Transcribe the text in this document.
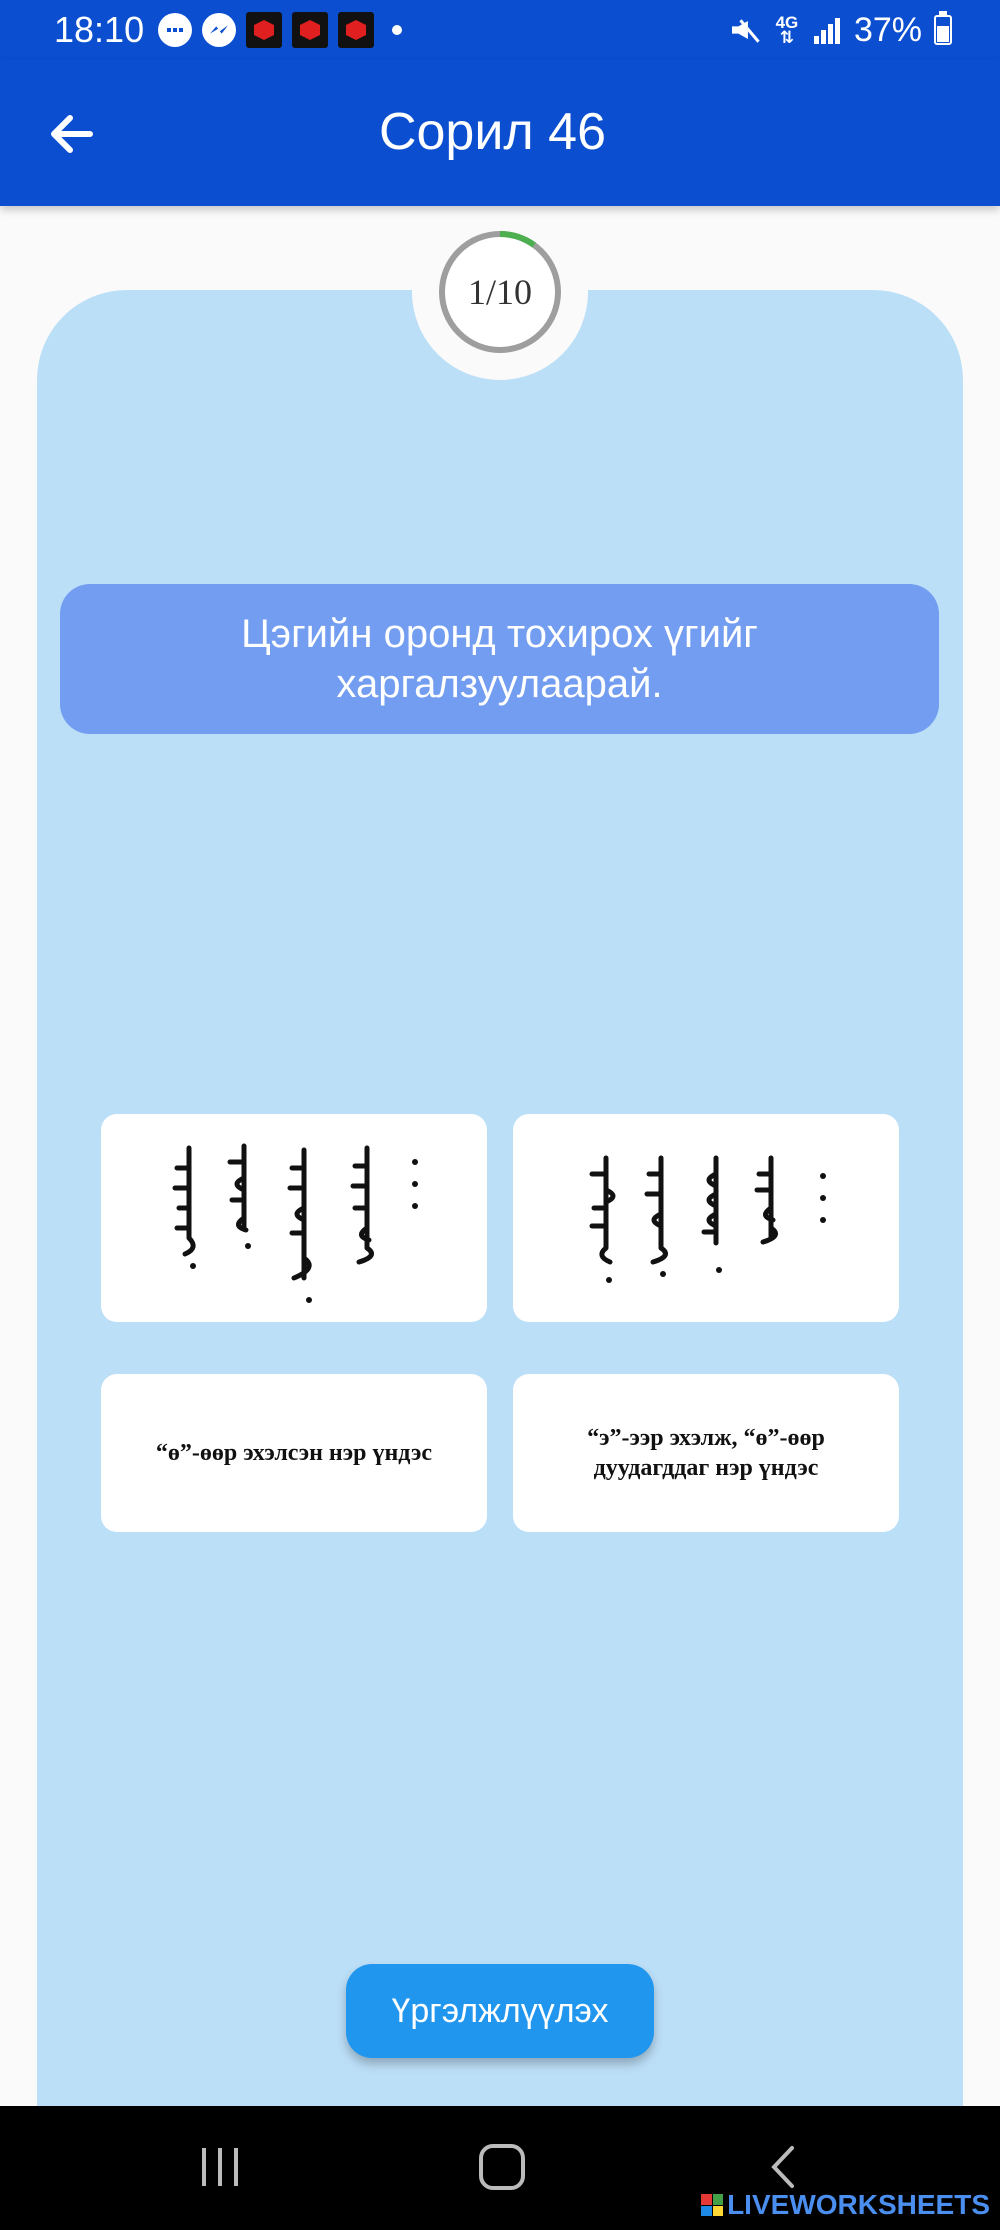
18:10	4G
⇅ 37%
Сорил 46
1/10
Цэгийн оронд тохирох үгийг харгалзуулаарай.
“ө”-өөр эхэлсэн нэр үндэс
“э”-ээр эхэлж, “ө”-өөр дуудагддаг нэр үндэс
Үргэлжлүүлэх
LIVEWORKSHEETS
